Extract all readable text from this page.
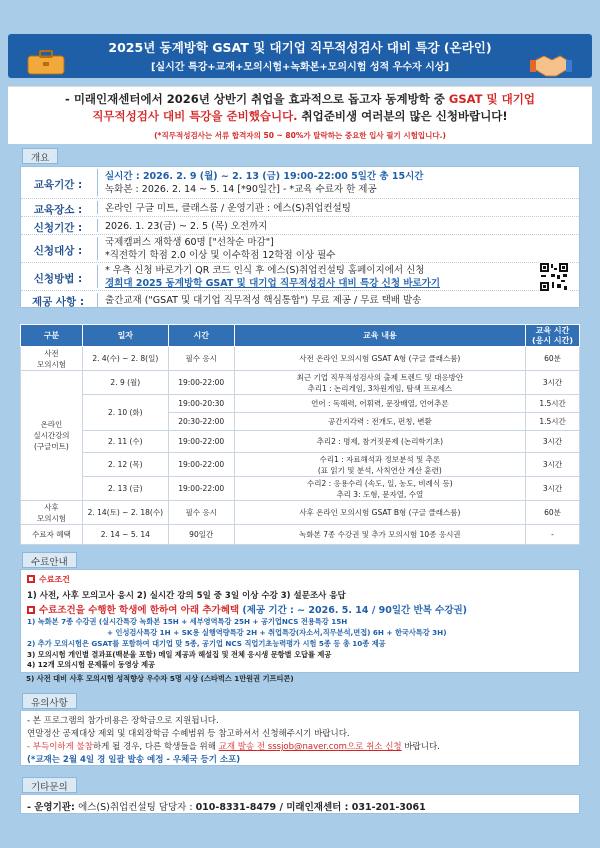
2025년 동계방학 GSAT 및 대기업 직무적성검사 대비 특강 (온라인)
[실시간 특강+교재+모의시험+녹화본+모의시험 성적 우수자 시상]

- 미래인재센터에서 2026년 상반기 취업을 효과적으로 돕고자 동계방학 중 GSAT 및 대기업

직무적성검사 대비 특강을 준비했습니다. 취업준비생 여러분의 많은 신청바랍니다!

(*직무적성검사는 서류 합격자의 50 ~ 80%가 탈락하는 중요한 입사 필기 시험입니다.)

개요
교육기간 :
실시간 : 2026. 2. 9 (월) ~ 2. 13 (금) 19:00-22:00 5일간 총 15시간
녹화본 : 2026. 2. 14 ~ 5. 14 [*90일간] - *교육 수료자 한 제공
교육장소 :	온라인 구글 미트, 클래스룸 / 운영기관 : 에스(S)취업컨설팅
신청기간 :	2026. 1. 23(금) ~ 2. 5 (목) 오전까지
신청대상 :
국제캠퍼스 재학생 60명 ["선착순 마감"]
*직전학기 학점 2.0 이상 및 이수학점 12학점 이상 필수
신청방법 :
* 우측 신청 바로가기 QR 코드 인식 후 에스(S)취업컨설팅 홈페이지에서 신청
경희대 2025 동계방학 GSAT 및 대기업 직무적성검사 대비 특강 신청 바로가기
제공 사항 :	출간교재 ("GSAT 및 대기업 직무적성 핵심통합") 무료 제공 / 무료 택배 발송
구분	일자	시간	교육 내용	교육 시간
(응시 시간)
사전
모의시험	2. 4(수) ~ 2. 8(일)	필수 응시	사전 온라인 모의시험 GSAT A형 (구글 클래스룸)	60분
온라인
실시간강의
(구글미트)	2. 9 (월)	19:00-22:00	최근 기업 직무적성검사의 출제 트렌드 및 대응방안
추리1 : 논리게임, 3차원게임, 탐색 프로세스	3시간
	2. 10 (화)	19:00-20:30	언어 : 독해력, 어휘력, 문장배열, 언어추론	1.5시간
		20:30-22:00	공간지각력 : 전개도, 펀칭, 변환	1.5시간
	2. 11 (수)	19:00-22:00	추리2 : 명제, 참거짓문제 (논리학기초)	3시간
	2. 12 (목)	19:00-22:00	수리1 : 자료해석과 정보분석 및 추론
(표 읽기 및 분석, 사칙연산 계산 훈련)	3시간
	2. 13 (금)	19:00-22:00	수리2 : 응용수리 (속도, 일, 농도, 비례식 등)
추리 3: 도형, 문자열, 수열	3시간
사후
모의시험	2. 14(토) ~ 2. 18(수)	필수 응시	사후 온라인 모의시험 GSAT B형 (구글 클래스룸)	60분
수료자 혜택	2. 14 ~ 5. 14	90일간	녹화본 7종 수강권 및 추가 모의시험 10종 응시권	-
수료안내
수료조건
1) 사전, 사후 모의고사 응시 2) 실시간 강의 5일 중 3일 이상 수강 3) 설문조사 응답
수료조건을 수행한 학생에 한하여 아래 추가혜택 (제공 기간 : ~ 2026. 5. 14 / 90일간 반복 수강권)
1) 녹화본 7종 수강권 (실시간특강 녹화본 15H + 세부영역특강 25H + 공기업NCS 전용특강 15H
+ 인성검사특강 1H + SK용 실행역량특강 2H + 취업특강(자소서,직무분석,면접) 6H + 한국사특강 3H)
2) 추가 모의시험은 GSAT를 포함하여 대기업 맞 5종, 공기업 NCS 직업기초능력평가 시험 5종 등 총 10종 제공
3) 모의시험 개인별 결과표(백분율 포함) 메일 제공과 해설집 및 전체 응시생 문항별 오답률 제공
4) 12개 모의시험 문제풀이 동영상 제공
5) 사전 대비 사후 모의시험 성적향상 우수자 5명 시상 (스타벅스 1만원권 기프티콘)
유의사항
- 본 프로그램의 참가비용은 장학금으로 지원됩니다.
연말정산 공제대상 제외 및 대외장학금 수혜범위 등 참고하셔서 신청해주시기 바랍니다.
- 부득이하게 불참하게 될 경우, 다른 학생들을 위해 교재 발송 전 sssjob@naver.com으로 취소 신청 바랍니다.
(*교재는 2월 4일 경 일괄 발송 예정 - 우체국 등기 소포)
기타문의
- 운영기관: 에스(S)취업컨설팅 담당자 : 010-8331-8479 / 미래인재센터 : 031-201-3061
